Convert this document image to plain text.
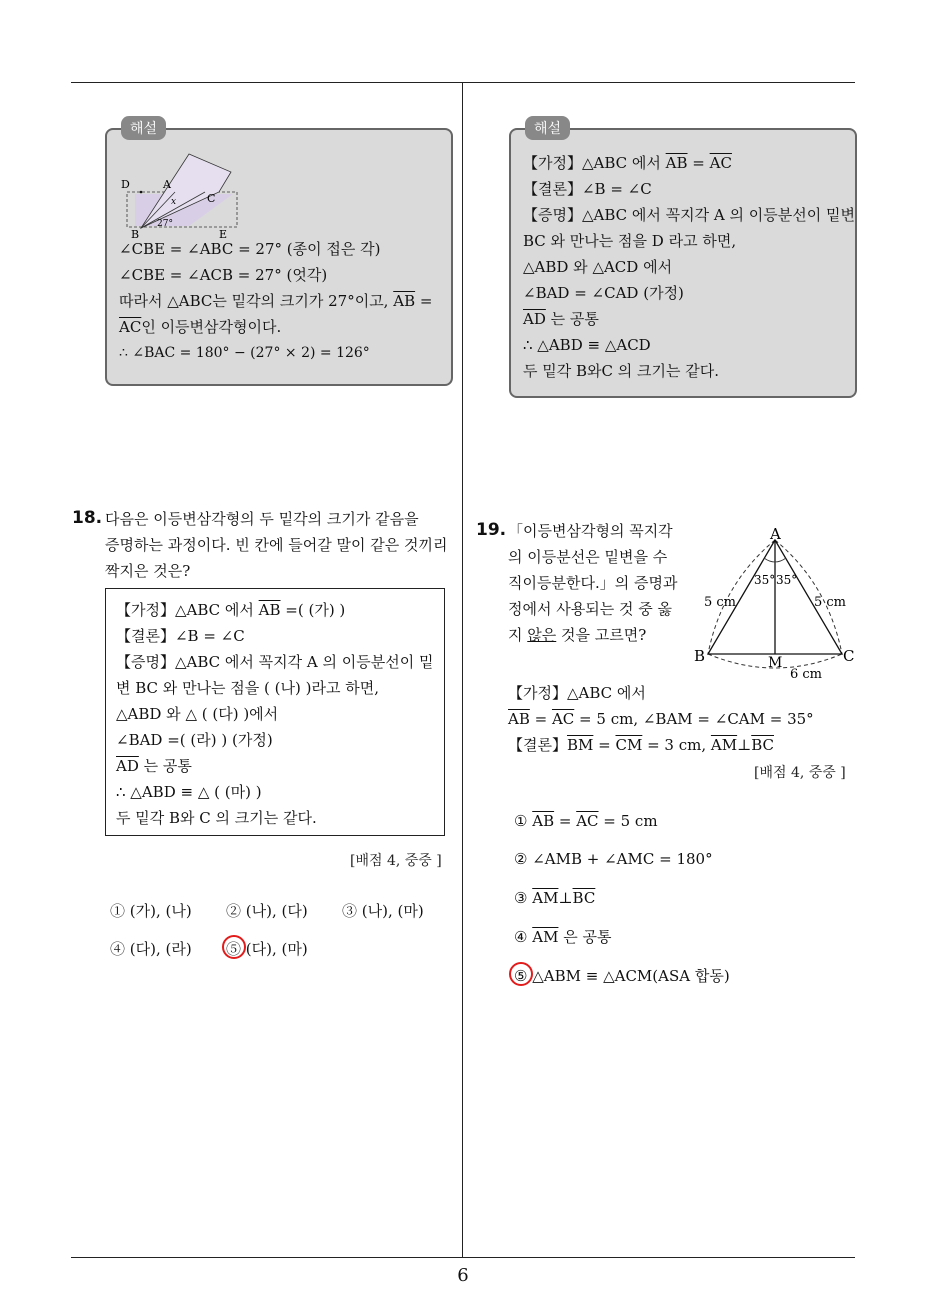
해설
D	A
C
B	E
x
27°
∠CBE = ∠ABC = 27° (종이 접은 각)
∠CBE = ∠ACB = 27° (엇각)
따라서 △ABC는 밑각의 크기가 27°이고, $\overline{AB}$ =
$\overline{AC}$인 이등변삼각형이다.
∴ ∠BAC = 180° − (27° × 2) = 126°
해설
【가정】△ABC 에서 $\overline{AB} = \overline{AC}$
【결론】∠B = ∠C
【증명】△ABC 에서 꼭지각 A 의 이등분선이 밑변
BC 와 만나는 점을 D 라고 하면,
△ABD 와 △ACD 에서
∠BAD = ∠CAD (가정)
$\overline{AD}$ 는 공통
∴ △ABD ≡ △ACD
두 밑각 B와C 의 크기는 같다.
18. 다음은 이등변삼각형의 두 밑각의 크기가 같음을
증명하는 과정이다. 빈 칸에 들어갈 말이 같은 것끼리
짝지은 것은?
【가정】△ABC 에서 $\overline{AB}$ =( (가) )
【결론】∠B = ∠C
【증명】△ABC 에서 꼭지각 A 의 이등분선이 밑
변 BC 와 만나는 점을 ( (나) )라고 하면,
△ABD 와 △ ( (다) )에서
∠BAD =( (라) ) (가정)
$\overline{AD}$ 는 공통
∴ △ABD ≡ △ ( (마) )
두 밑각 B와 C 의 크기는 같다.
[배점 4, 중중 ]
① (가), (나) ② (나), (다) ③ (나), (마)
④ (다), (라) ⑤ (다), (마)
19. 「이등변삼각형의 꼭지각
의 이등분선은 밑변을 수
직이등분한다.」의 증명과
정에서 사용되는 것 중 옳
지 않은 것을 고르면?
A
B	C
M
5 cm	5 cm
6 cm
35° 35°
【가정】△ABC 에서
$\overline{AB} = \overline{AC} = 5$ cm, ∠BAM = ∠CAM = 35°
【결론】$\overline{BM} = \overline{CM} = 3$ cm, $\overline{AM}\perp\overline{BC}$
[배점 4, 중중 ]
① $\overline{AB} = \overline{AC} = 5$ cm
② ∠AMB + ∠AMC = 180°
③ $\overline{AM}\perp\overline{BC}$
④ $\overline{AM}$ 은 공통
⑤ △ABM ≡ △ACM(ASA 합동)
6
